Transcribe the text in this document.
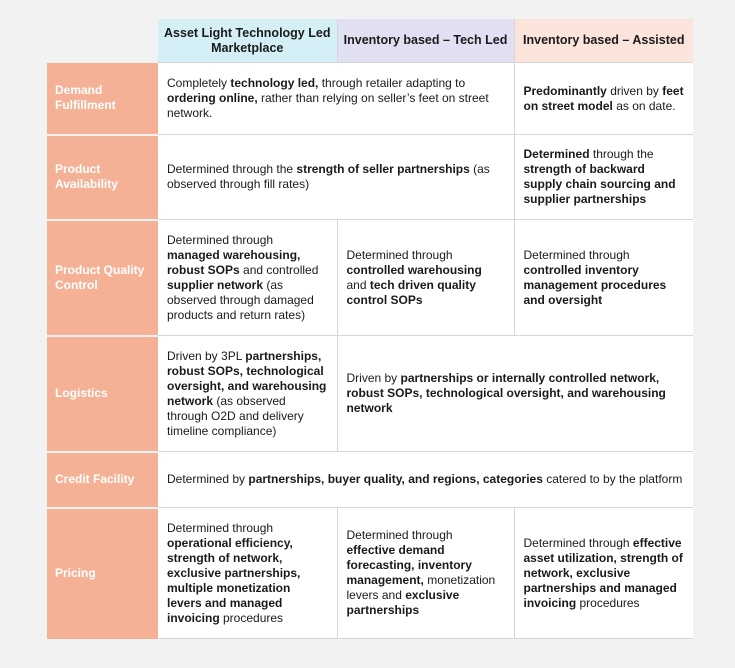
	Asset Light Technology Led Marketplace	Inventory based – Tech Led	Inventory based – Assisted
Demand Fulfillment	Completely technology led, through retailer adapting to ordering online, rather than relying on seller’s feet on street network.		Predominantly driven by feet on street model as on date.
Product Availability	Determined through the strength of seller partnerships (as observed through fill rates)		Determined through the strength of backward supply chain sourcing and supplier partnerships
Product Quality Control	Determined through managed warehousing, robust SOPs and controlled supplier network (as observed through damaged products and return rates)	Determined through controlled warehousing and tech driven quality control SOPs	Determined through controlled inventory management procedures and oversight
Logistics	Driven by 3PL partnerships, robust SOPs, technological oversight, and warehousing network (as observed through O2D and delivery timeline compliance)	Driven by partnerships or internally controlled network, robust SOPs, technological oversight, and warehousing network	
Credit Facility	Determined by partnerships, buyer quality, and regions, categories catered to by the platform		
Pricing	Determined through operational efficiency, strength of network, exclusive partnerships, multiple monetization levers and managed invoicing procedures	Determined through effective demand forecasting, inventory management, monetization levers and exclusive partnerships	Determined through effective asset utilization, strength of network, exclusive partnerships and managed invoicing procedures
